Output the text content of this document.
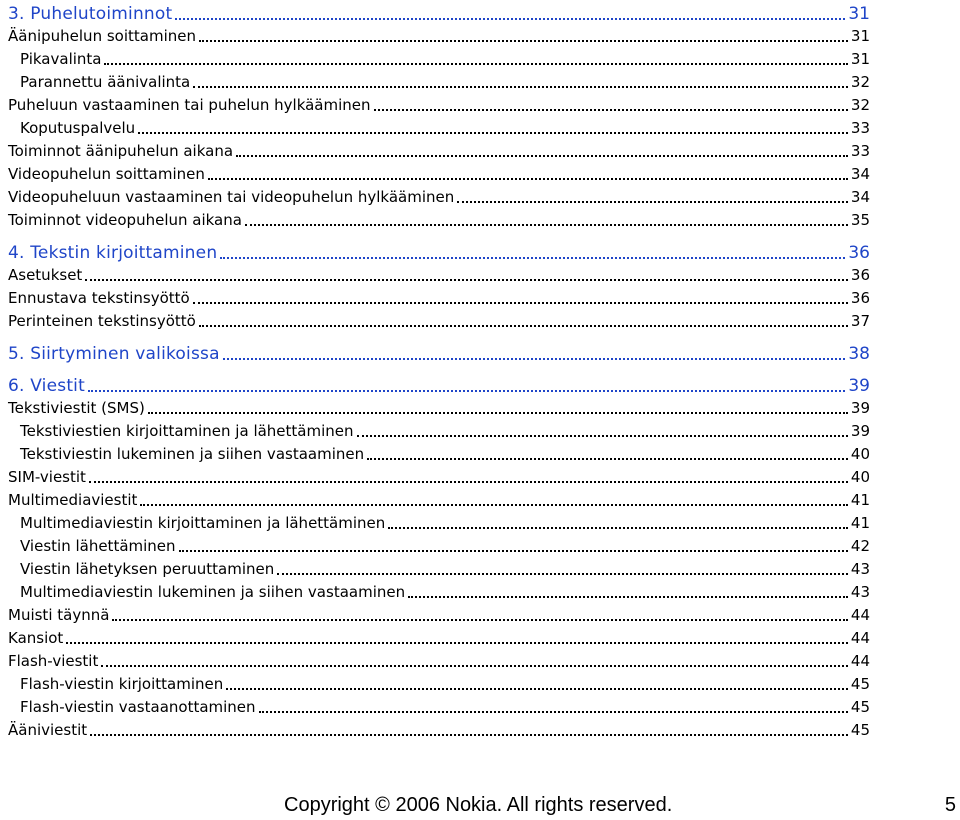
3. Puhelutoiminnot	31
Äänipuhelun soittaminen	31
Pikavalinta	31
Parannettu äänivalinta	32
Puheluun vastaaminen tai puhelun hylkääminen	32
Koputuspalvelu	33
Toiminnot äänipuhelun aikana	33
Videopuhelun soittaminen	34
Videopuheluun vastaaminen tai videopuhelun hylkääminen	34
Toiminnot videopuhelun aikana	35
4. Tekstin kirjoittaminen	36
Asetukset	36
Ennustava tekstinsyöttö	36
Perinteinen tekstinsyöttö	37
5. Siirtyminen valikoissa	38
6. Viestit	39
Tekstiviestit (SMS)	39
Tekstiviestien kirjoittaminen ja lähettäminen	39
Tekstiviestin lukeminen ja siihen vastaaminen	40
SIM-viestit	40
Multimediaviestit	41
Multimediaviestin kirjoittaminen ja lähettäminen	41
Viestin lähettäminen	42
Viestin lähetyksen peruuttaminen	43
Multimediaviestin lukeminen ja siihen vastaaminen	43
Muisti täynnä	44
Kansiot	44
Flash-viestit	44
Flash-viestin kirjoittaminen	45
Flash-viestin vastaanottaminen	45
Ääniviestit	45
Copyright © 2006 Nokia. All rights reserved.	5
